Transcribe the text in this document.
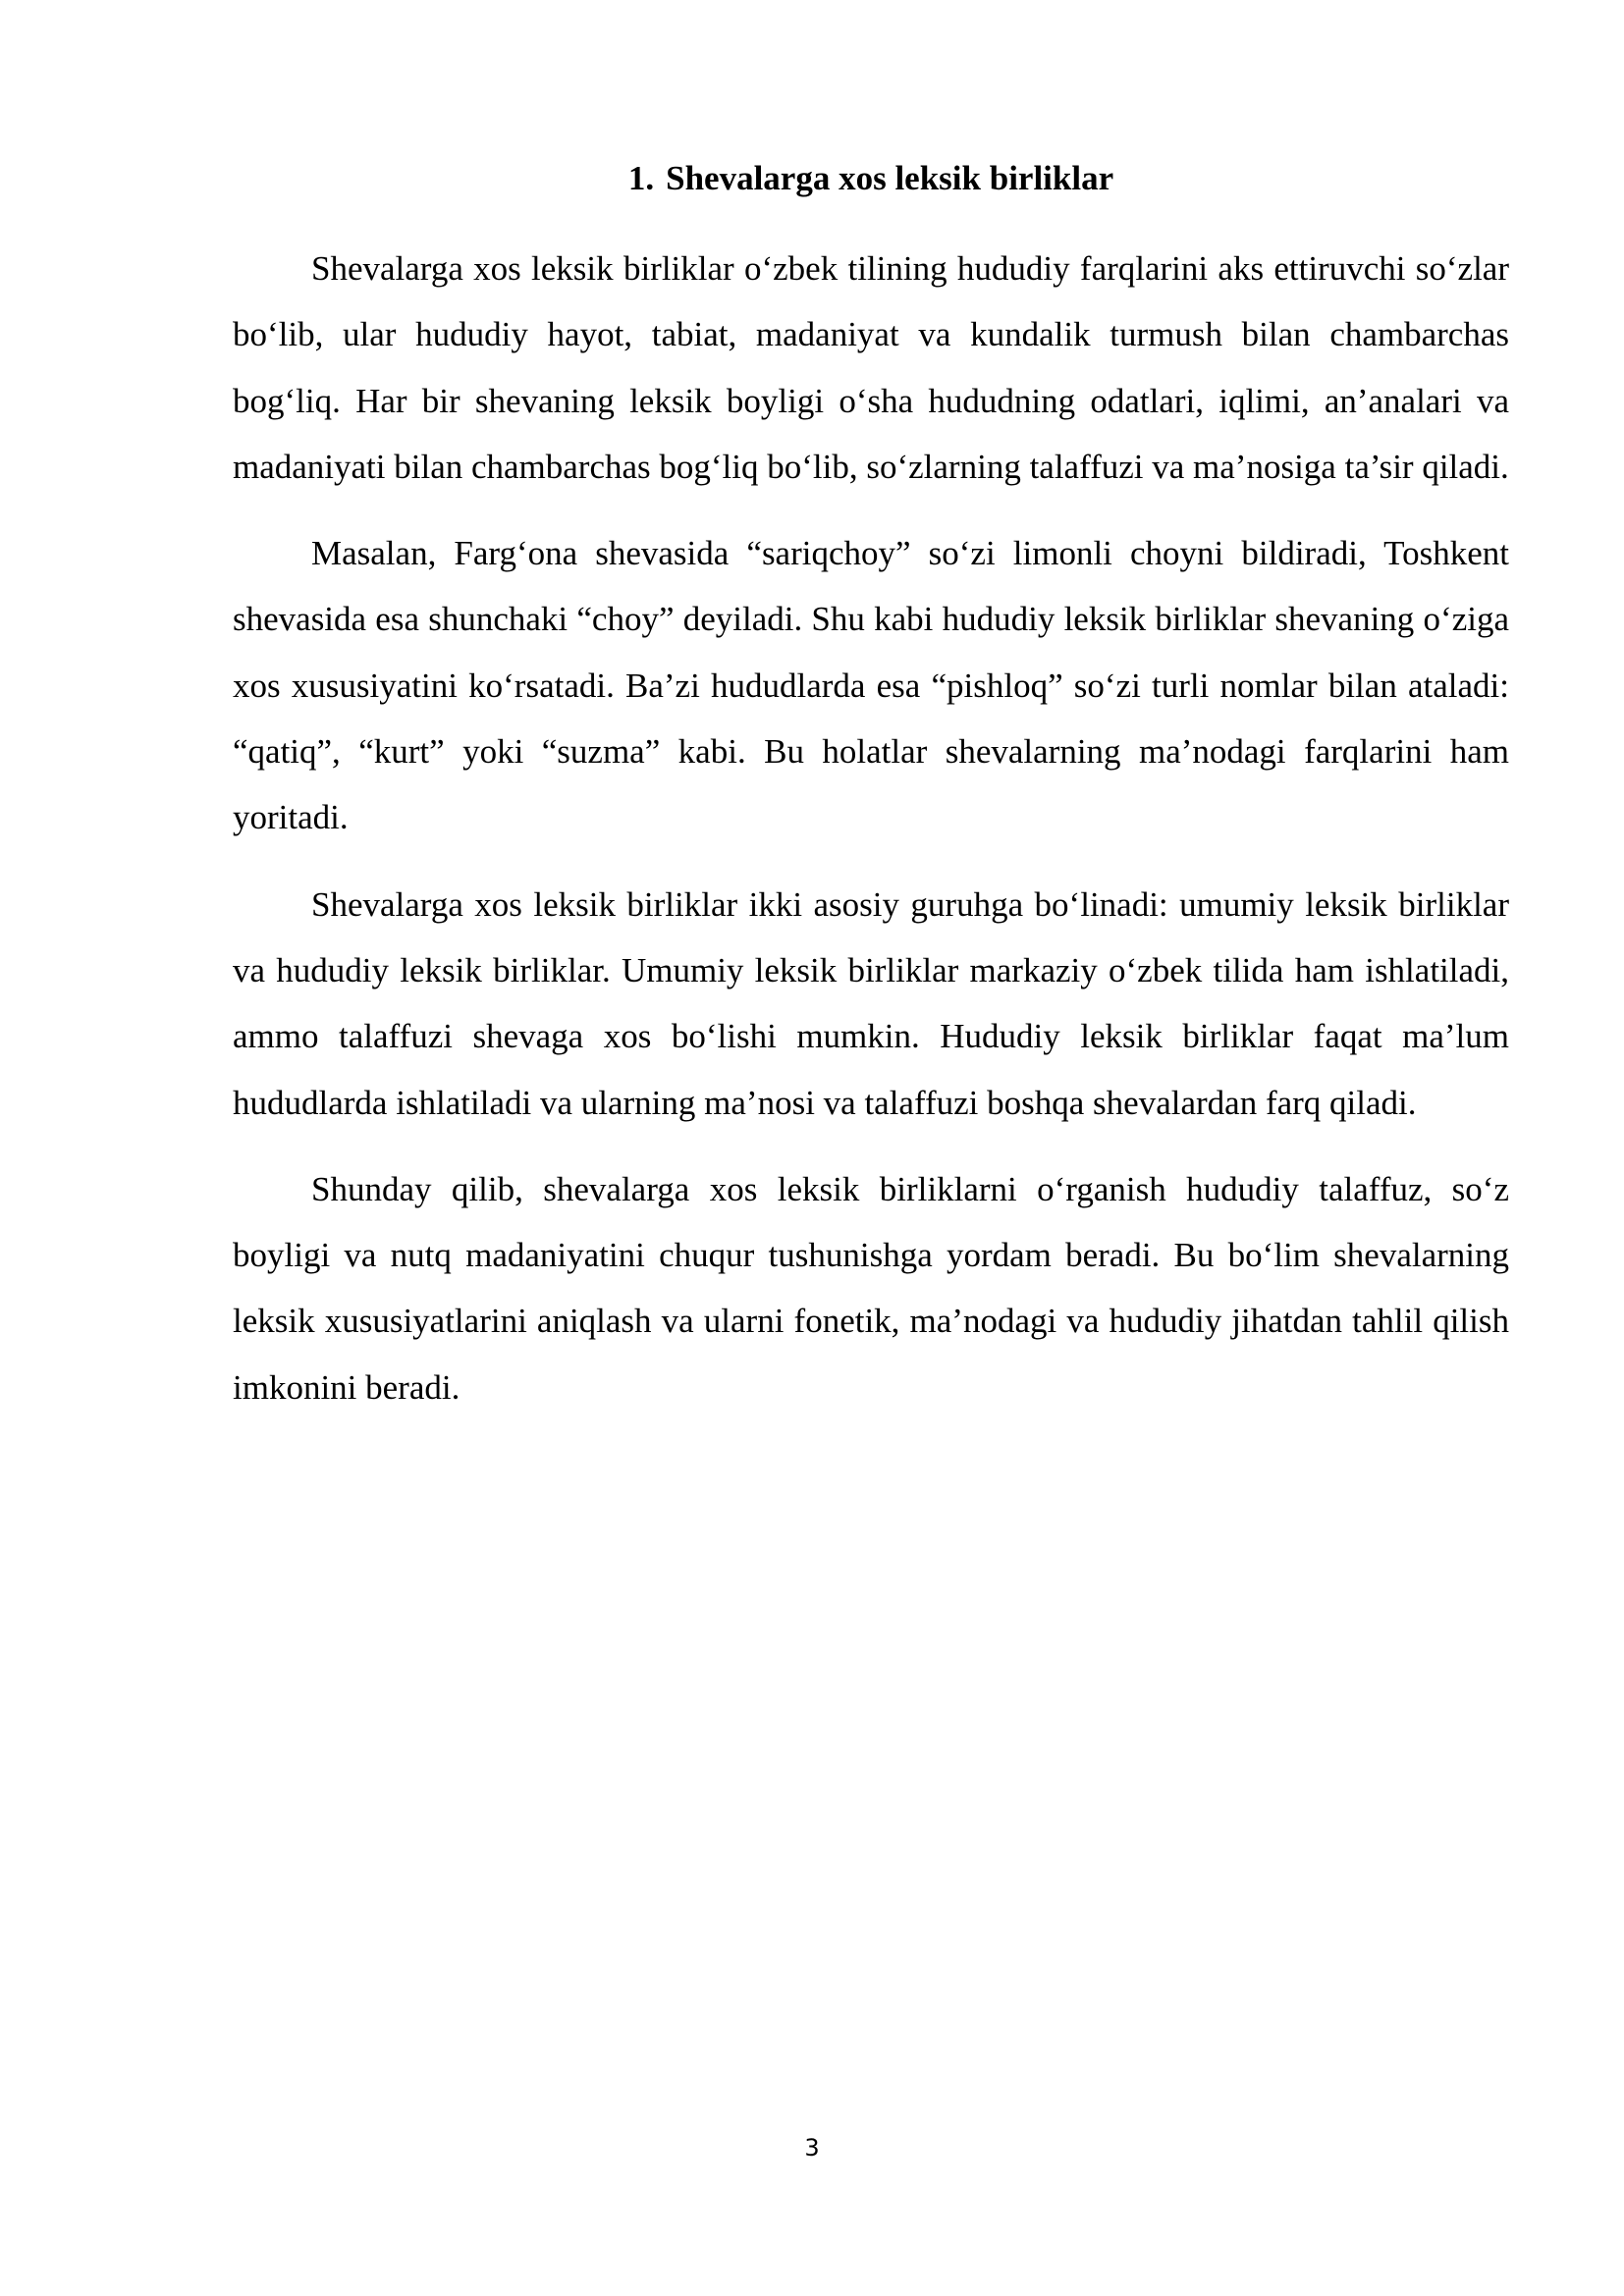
1. Shevalarga xos leksik birliklar

Shevalarga xos leksik birliklar o‘zbek tilining hududiy farqlarini aks ettiruvchi so‘zlar bo‘lib, ular hududiy hayot, tabiat, madaniyat va kundalik turmush bilan chambarchas bog‘liq. Har bir shevaning leksik boyligi o‘sha hududning odatlari, iqlimi, an’analari va madaniyati bilan chambarchas bog‘liq bo‘lib, so‘zlarning talaffuzi va ma’nosiga ta’sir qiladi.

Masalan, Farg‘ona shevasida “sariqchoy” so‘zi limonli choyni bildiradi, Toshkent shevasida esa shunchaki “choy” deyiladi. Shu kabi hududiy leksik birliklar shevaning o‘ziga xos xususiyatini ko‘rsatadi. Ba’zi hududlarda esa “pishloq” so‘zi turli nomlar bilan ataladi: “qatiq”, “kurt” yoki “suzma” kabi. Bu holatlar shevalarning ma’nodagi farqlarini ham yoritadi.

Shevalarga xos leksik birliklar ikki asosiy guruhga bo‘linadi: umumiy leksik birliklar va hududiy leksik birliklar. Umumiy leksik birliklar markaziy o‘zbek tilida ham ishlatiladi, ammo talaffuzi shevaga xos bo‘lishi mumkin. Hududiy leksik birliklar faqat ma’lum hududlarda ishlatiladi va ularning ma’nosi va talaffuzi boshqa shevalardan farq qiladi.

Shunday qilib, shevalarga xos leksik birliklarni o‘rganish hududiy talaffuz, so‘z boyligi va nutq madaniyatini chuqur tushunishga yordam beradi. Bu bo‘lim shevalarning leksik xususiyatlarini aniqlash va ularni fonetik, ma’nodagi va hududiy jihatdan tahlil qilish imkonini beradi.

3
